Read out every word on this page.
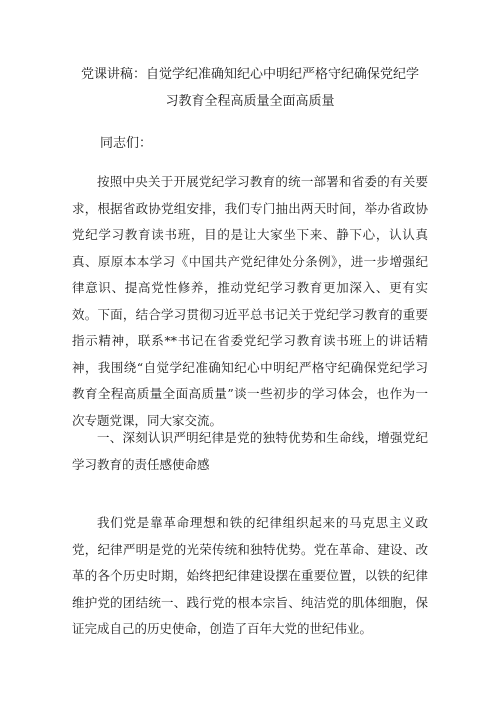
党课讲稿：自觉学纪准确知纪心中明纪严格守纪确保党纪学
习教育全程高质量全面高质量
同志们：
按照中央关于开展党纪学习教育的统一部署和省委的有关要
求，根据省政协党组安排，我们专门抽出两天时间，举办省政协
党纪学习教育读书班，目的是让大家坐下来、静下心，认认真
真、原原本本学习《中国共产党纪律处分条例》，进一步增强纪
律意识、提高党性修养，推动党纪学习教育更加深入、更有实
效。下面，结合学习贯彻习近平总书记关于党纪学习教育的重要
指示精神，联系**书记在省委党纪学习教育读书班上的讲话精
神，我围绕“自觉学纪准确知纪心中明纪严格守纪确保党纪学习
教育全程高质量全面高质量”谈一些初步的学习体会，也作为一
次专题党课，同大家交流。
一、深刻认识严明纪律是党的独特优势和生命线，增强党纪
学习教育的责任感使命感
我们党是靠革命理想和铁的纪律组织起来的马克思主义政
党，纪律严明是党的光荣传统和独特优势。党在革命、建设、改
革的各个历史时期，始终把纪律建设摆在重要位置，以铁的纪律
维护党的团结统一、践行党的根本宗旨、纯洁党的肌体细胞，保
证完成自己的历史使命，创造了百年大党的世纪伟业。
